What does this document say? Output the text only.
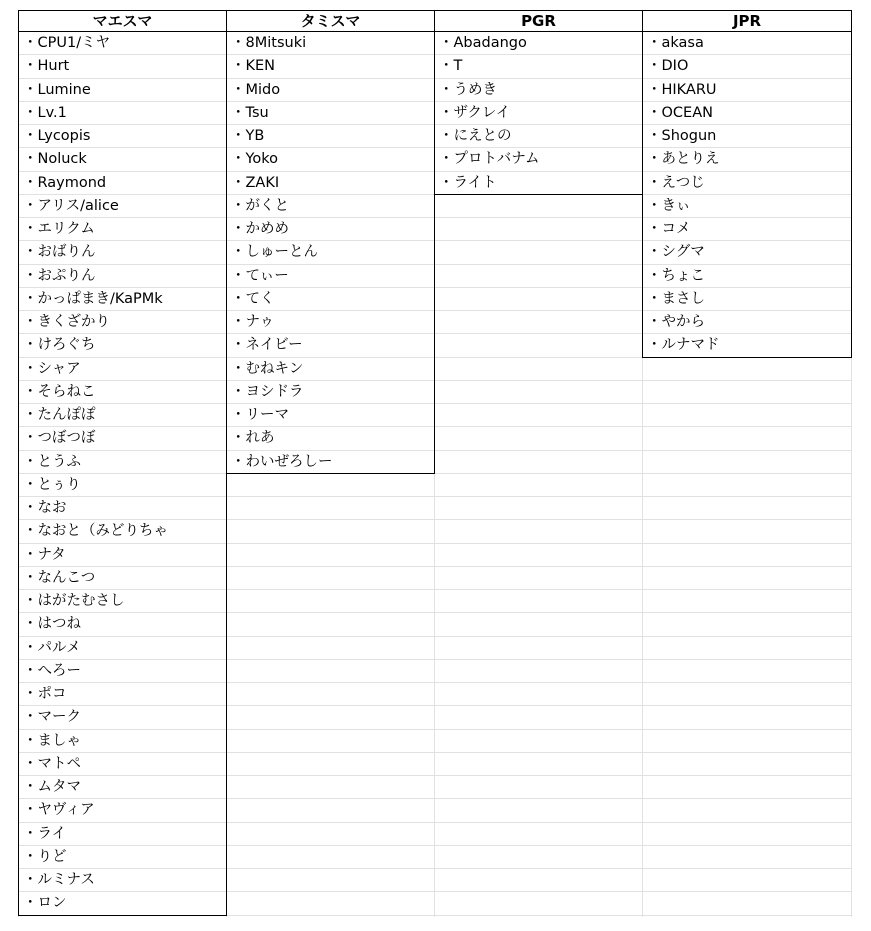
マエスマ
・CPU1/ミヤ
・Hurt
・Lumine
・Lv.1
・Lycopis
・Noluck
・Raymond
・アリス/alice
・エリクム
・おばりん
・おぷりん
・かっぱまき/KaPMk
・きくざかり
・けろぐち
・シャア
・そらねこ
・たんぽぽ
・つぼつぼ
・とうふ
・とぅり
・なお
・なおと（みどりちゃ
・ナタ
・なんこつ
・はがたむさし
・はつね
・パルメ
・へろー
・ポコ
・マーク
・ましゃ
・マトペ
・ムタマ
・ヤヴィア
・ライ
・りど
・ルミナス
・ロン
タミスマ
・8Mitsuki
・KEN
・Mido
・Tsu
・YB
・Yoko
・ZAKI
・がくと
・かめめ
・しゅーとん
・てぃー
・てく
・ナゥ
・ネイビー
・むねキン
・ヨシドラ
・リーマ
・れあ
・わいぜろしー
PGR
・Abadango
・T
・うめき
・ザクレイ
・にえとの
・プロトバナム
・ライト
JPR
・akasa
・DIO
・HIKARU
・OCEAN
・Shogun
・あとりえ
・えつじ
・きぃ
・コメ
・シグマ
・ちょこ
・まさし
・やから
・ルナマド
